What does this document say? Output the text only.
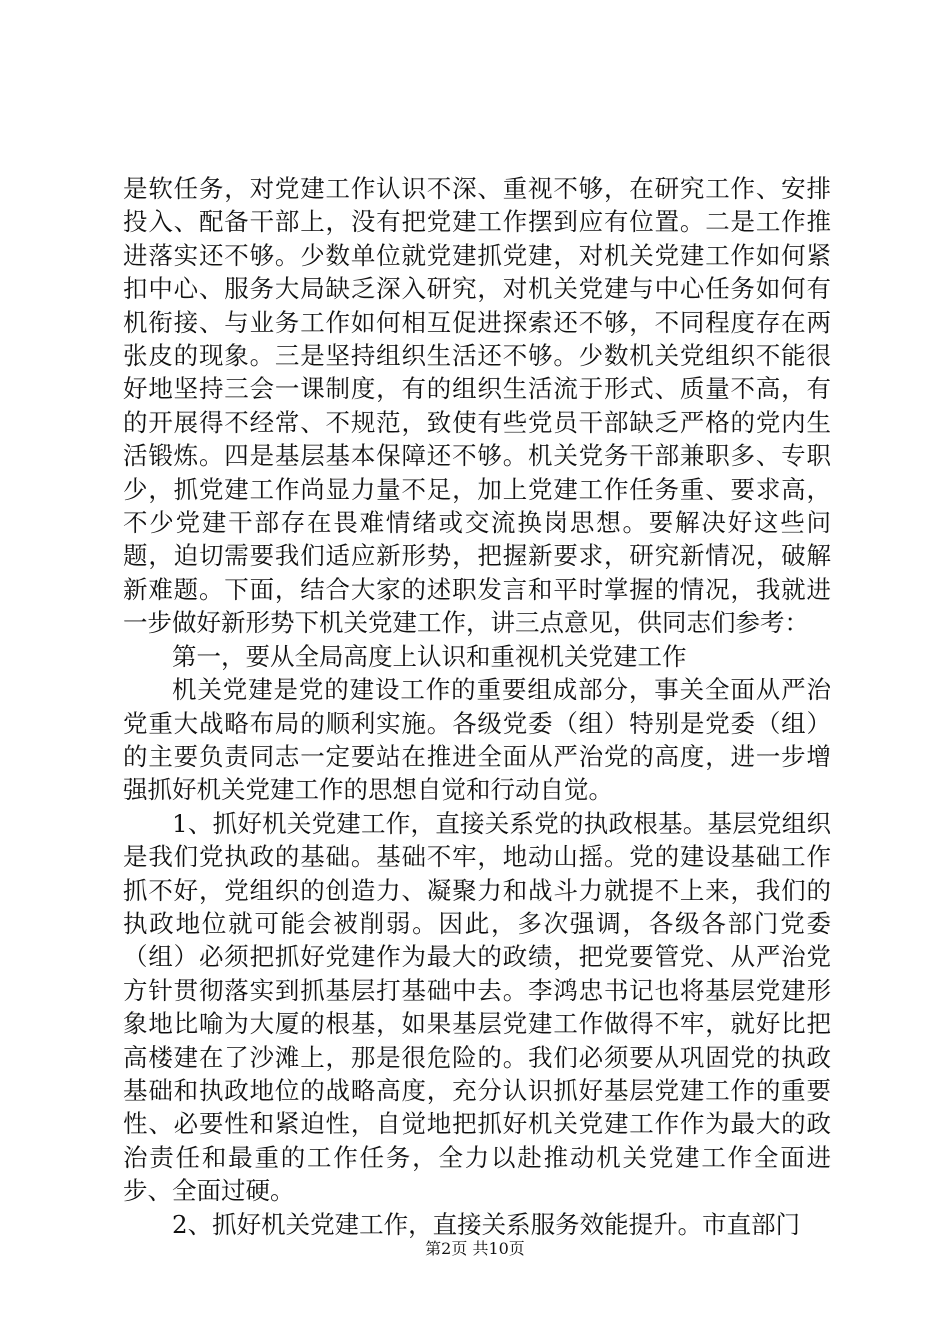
是软任务，对党建工作认识不深、重视不够，在研究工作、安排投入、配备干部上，没有把党建工作摆到应有位置。二是工作推进落实还不够。少数单位就党建抓党建，对机关党建工作如何紧扣中心、服务大局缺乏深入研究，对机关党建与中心任务如何有机衔接、与业务工作如何相互促进探索还不够，不同程度存在两张皮的现象。三是坚持组织生活还不够。少数机关党组织不能很好地坚持三会一课制度，有的组织生活流于形式、质量不高，有的开展得不经常、不规范，致使有些党员干部缺乏严格的党内生活锻炼。四是基层基本保障还不够。机关党务干部兼职多、专职少，抓党建工作尚显力量不足，加上党建工作任务重、要求高，不少党建干部存在畏难情绪或交流换岗思想。要解决好这些问题，迫切需要我们适应新形势，把握新要求，研究新情况，破解新难题。下面，结合大家的述职发言和平时掌握的情况，我就进一步做好新形势下机关党建工作，讲三点意见，供同志们参考：

第一，要从全局高度上认识和重视机关党建工作

机关党建是党的建设工作的重要组成部分，事关全面从严治党重大战略布局的顺利实施。各级党委（组）特别是党委（组）的主要负责同志一定要站在推进全面从严治党的高度，进一步增强抓好机关党建工作的思想自觉和行动自觉。

1、抓好机关党建工作，直接关系党的执政根基。基层党组织是我们党执政的基础。基础不牢，地动山摇。党的建设基础工作抓不好，党组织的创造力、凝聚力和战斗力就提不上来，我们的执政地位就可能会被削弱。因此，多次强调，各级各部门党委（组）必须把抓好党建作为最大的政绩，把党要管党、从严治党方针贯彻落实到抓基层打基础中去。李鸿忠书记也将基层党建形象地比喻为大厦的根基，如果基层党建工作做得不牢，就好比把高楼建在了沙滩上，那是很危险的。我们必须要从巩固党的执政基础和执政地位的战略高度，充分认识抓好基层党建工作的重要性、必要性和紧迫性，自觉地把抓好机关党建工作作为最大的政治责任和最重的工作任务，全力以赴推动机关党建工作全面进步、全面过硬。

2、抓好机关党建工作，直接关系服务效能提升。市直部门

第2页 共10页
